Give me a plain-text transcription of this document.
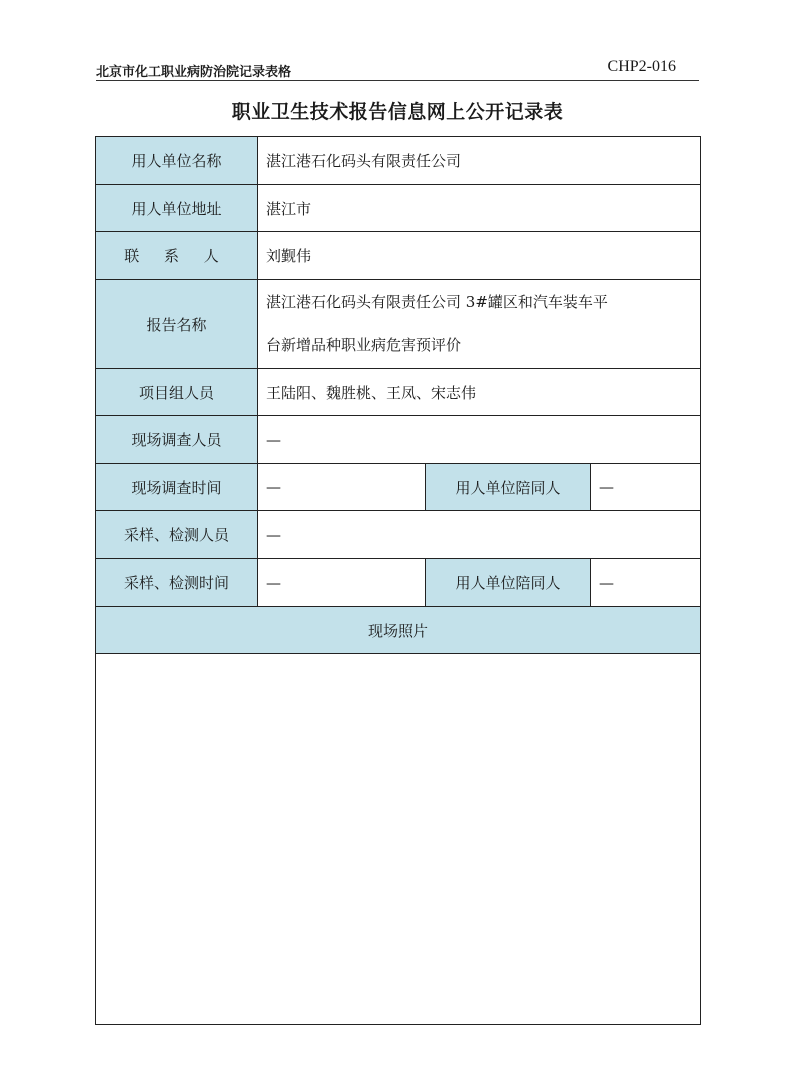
北京市化工职业病防治院记录表格	CHP2-016
职业卫生技术报告信息网上公开记录表
用人单位名称	湛江港石化码头有限责任公司		
用人单位地址	湛江市		
联 系 人	刘觐伟		
报告名称	湛江港石化码头有限责任公司 3#罐区和汽车装车平
台新增品种职业病危害预评价		

项目组人员	王陆阳、魏胜桃、王凤、宋志伟		
现场调查人员	—		
现场调查时间	—	用人单位陪同人	—
采样、检测人员	—		
采样、检测时间	—	用人单位陪同人	—
现场照片			
